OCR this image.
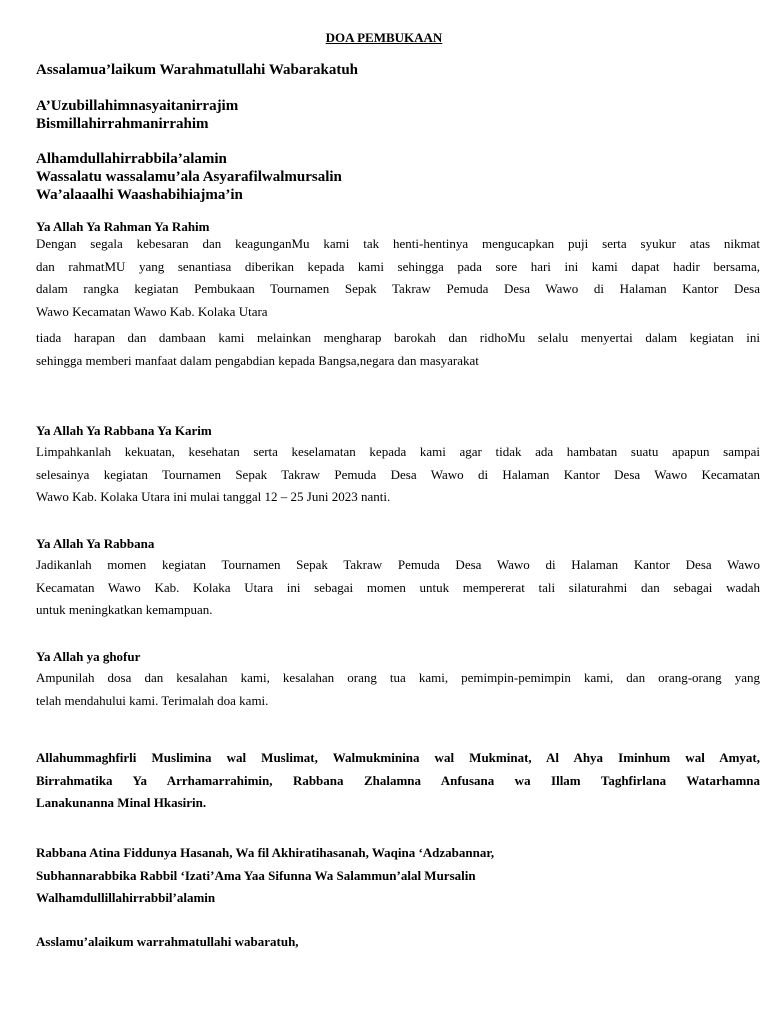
DOA PEMBUKAAN
Assalamua’laikum Warahmatullahi Wabarakatuh
A’Uzubillahimnasyaitanirrajim
Bismillahirrahmanirrahim
Alhamdullahirrabbila’alamin
Wassalatu wassalamu’ala Asyarafilwalmursalin
Wa’alaaalhi Waashabihiajma’in
Ya Allah Ya Rahman Ya Rahim
Dengan segala kebesaran dan keagunganMu kami tak henti-hentinya mengucapkan puji serta syukur atas nikmat
dan rahmatMU yang senantiasa diberikan kepada kami sehingga pada sore hari ini kami dapat hadir bersama,
dalam rangka kegiatan Pembukaan Tournamen Sepak Takraw Pemuda Desa Wawo di Halaman Kantor Desa
Wawo Kecamatan Wawo Kab. Kolaka Utara
tiada harapan dan dambaan kami melainkan mengharap barokah dan ridhoMu selalu menyertai dalam kegiatan ini
sehingga memberi manfaat dalam pengabdian kepada Bangsa,negara dan masyarakat
Ya Allah Ya Rabbana Ya Karim
Limpahkanlah kekuatan, kesehatan serta keselamatan kepada kami agar tidak ada hambatan suatu apapun sampai
selesainya kegiatan Tournamen Sepak Takraw Pemuda Desa Wawo di Halaman Kantor Desa Wawo Kecamatan
Wawo Kab. Kolaka Utara ini mulai tanggal 12 – 25 Juni 2023 nanti.
Ya Allah Ya Rabbana
Jadikanlah momen kegiatan Tournamen Sepak Takraw Pemuda Desa Wawo di Halaman Kantor Desa Wawo
Kecamatan Wawo Kab. Kolaka Utara ini sebagai momen untuk mempererat tali silaturahmi dan sebagai wadah
untuk meningkatkan kemampuan.
Ya Allah ya ghofur
Ampunilah dosa dan kesalahan kami, kesalahan orang tua kami, pemimpin-pemimpin kami, dan orang-orang yang
telah mendahului kami. Terimalah doa kami.
Allahummaghfirli Muslimina wal Muslimat, Walmukminina wal Mukminat, Al Ahya Iminhum wal Amyat,
Birrahmatika Ya Arrhamarrahimin, Rabbana Zhalamna Anfusana wa Illam Taghfirlana Watarhamna
Lanakunanna Minal Hkasirin.
Rabbana Atina Fiddunya Hasanah, Wa fil Akhiratihasanah, Waqina ‘Adzabannar,
Subhannarabbika Rabbil ‘Izati’Ama Yaa Sifunna Wa Salammun’alal Mursalin
Walhamdullillahirrabbil’alamin
Asslamu’alaikum warrahmatullahi wabaratuh,
